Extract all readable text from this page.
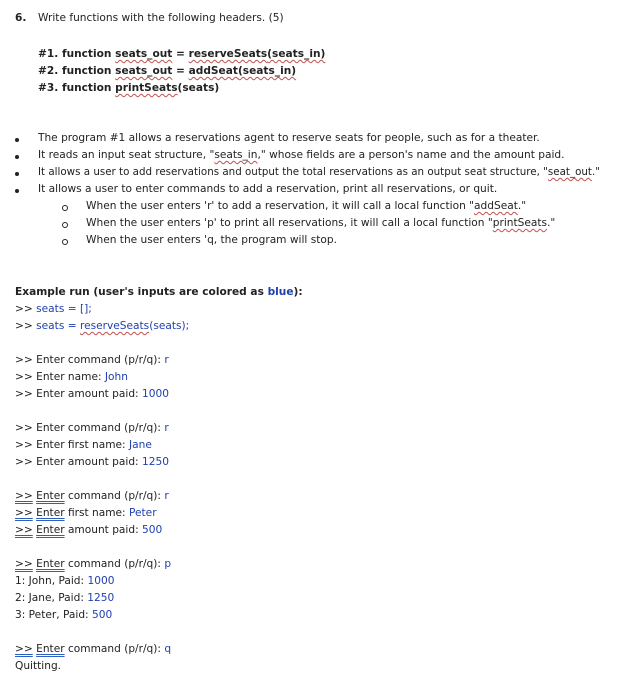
6. Write functions with the following headers. (5)
#1. function seats_out = reserveSeats(seats_in)
#2. function seats_out = addSeat(seats_in)
#3. function printSeats(seats)
The program #1 allows a reservations agent to reserve seats for people, such as for a theater.
It reads an input seat structure, "seats_in," whose fields are a person's name and the amount paid.
It allows a user to add reservations and output the total reservations as an output seat structure, "seat_out."
It allows a user to enter commands to add a reservation, print all reservations, or quit.
When the user enters 'r' to add a reservation, it will call a local function "addSeat."
When the user enters 'p' to print all reservations, it will call a local function "printSeats."
When the user enters 'q, the program will stop.
Example run (user's inputs are colored as blue):
>> seats = [];
>> seats = reserveSeats(seats);
>> Enter command (p/r/q): r
>> Enter name: John
>> Enter amount paid: 1000
>> Enter command (p/r/q): r
>> Enter first name: Jane
>> Enter amount paid: 1250
>> Enter command (p/r/q): r
>> Enter first name: Peter
>> Enter amount paid: 500
>> Enter command (p/r/q): p
1: John, Paid: 1000
2: Jane, Paid: 1250
3: Peter, Paid: 500
>> Enter command (p/r/q): q
Quitting.
